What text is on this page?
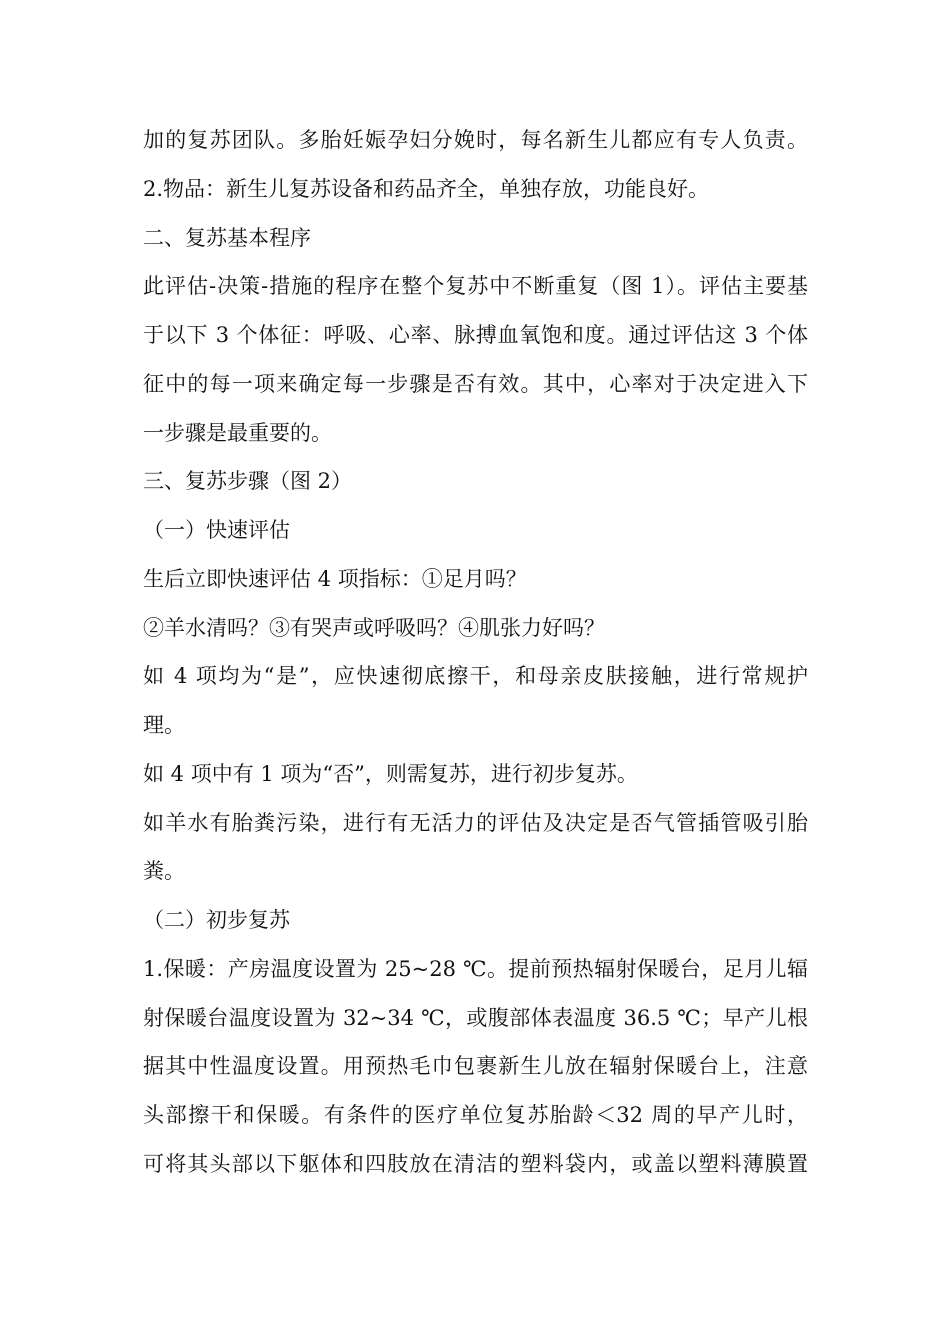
加的复苏团队。多胎妊娠孕妇分娩时，每名新生儿都应有专人负责。
2.物品：新生儿复苏设备和药品齐全，单独存放，功能良好。
二、复苏基本程序
此评估-决策-措施的程序在整个复苏中不断重复（图 1）。评估主要基
于以下 3 个体征：呼吸、心率、脉搏血氧饱和度。通过评估这 3 个体
征中的每一项来确定每一步骤是否有效。其中，心率对于决定进入下
一步骤是最重要的。
三、复苏步骤（图 2）
（一）快速评估
生后立即快速评估 4 项指标：①足月吗？
②羊水清吗？③有哭声或呼吸吗？④肌张力好吗？
如 4 项均为“是”，应快速彻底擦干，和母亲皮肤接触，进行常规护
理。
如 4 项中有 1 项为“否”，则需复苏，进行初步复苏。
如羊水有胎粪污染，进行有无活力的评估及决定是否气管插管吸引胎
粪。
（二）初步复苏
1.保暖：产房温度设置为 25~28 ℃。提前预热辐射保暖台，足月儿辐
射保暖台温度设置为 32~34 ℃，或腹部体表温度 36.5 ℃；早产儿根
据其中性温度设置。用预热毛巾包裹新生儿放在辐射保暖台上，注意
头部擦干和保暖。有条件的医疗单位复苏胎龄＜32 周的早产儿时，
可将其头部以下躯体和四肢放在清洁的塑料袋内，或盖以塑料薄膜置
